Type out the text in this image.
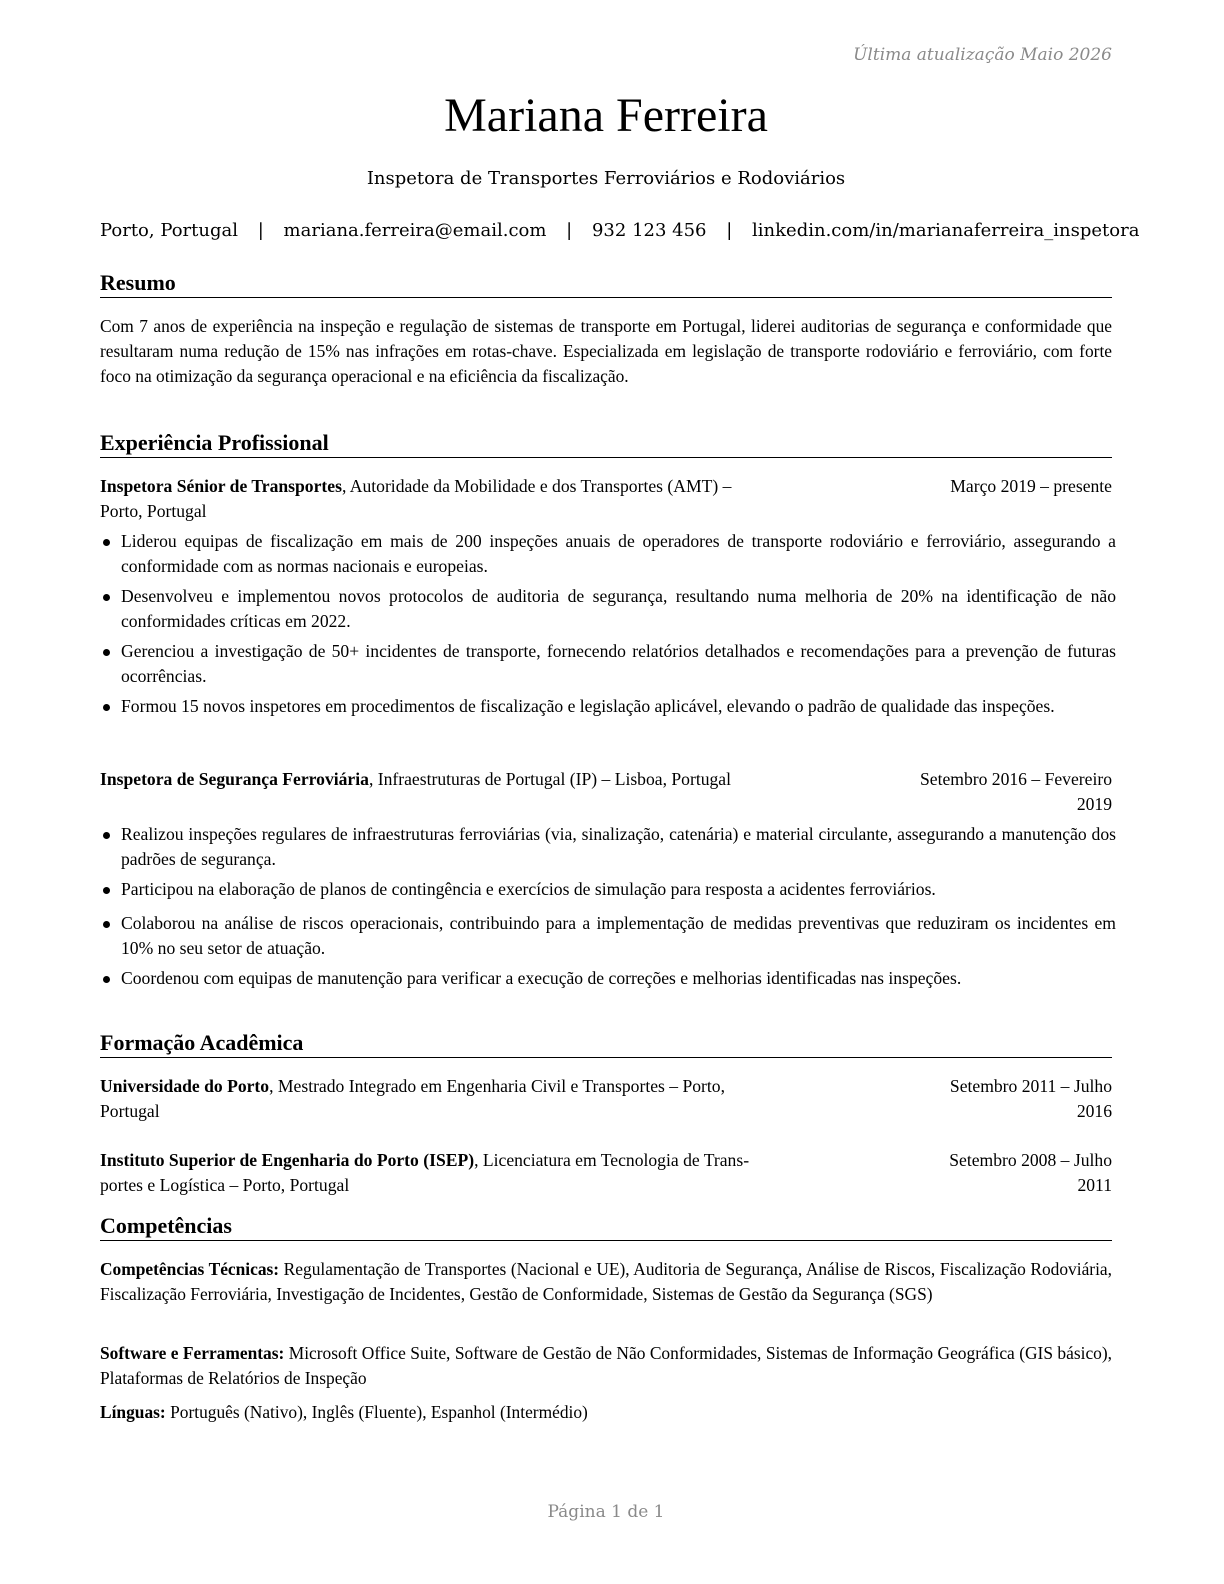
Última atualização Maio 2026
Mariana Ferreira
Inspetora de Transportes Ferroviários e Rodoviários
Porto, Portugal | mariana.ferreira@email.com | 932 123 456 | linkedin.com/in/marianaferreira_inspetora
Resumo
Com 7 anos de experiência na inspeção e regulação de sistemas de transporte em Portugal, liderei auditorias de segurança e conformidade que resultaram numa redução de 15% nas infrações em rotas-chave. Especializada em legislação de transporte rodoviário e ferroviário, com forte foco na otimização da segurança operacional e na eficiência da fiscalização.
Experiência Profissional
Inspetora Sénior de Transportes, Autoridade da Mobilidade e dos Transportes (AMT) –
Porto, Portugal
Março 2019 – presente
Liderou equipas de fiscalização em mais de 200 inspeções anuais de operadores de transporte rodoviário e ferroviário, assegurando a conformidade com as normas nacionais e europeias.
Desenvolveu e implementou novos protocolos de auditoria de segurança, resultando numa melhoria de 20% na identificação de não conformidades críticas em 2022.
Gerenciou a investigação de 50+ incidentes de transporte, fornecendo relatórios detalhados e recomendações para a prevenção de futuras ocorrências.
Formou 15 novos inspetores em procedimentos de fiscalização e legislação aplicável, elevando o padrão de qualidade das inspeções.
Inspetora de Segurança Ferroviária, Infraestruturas de Portugal (IP) – Lisboa, Portugal	Setembro 2016 – Fevereiro
2019
Realizou inspeções regulares de infraestruturas ferroviárias (via, sinalização, catenária) e material circulante, assegurando a manutenção dos padrões de segurança.
Participou na elaboração de planos de contingência e exercícios de simulação para resposta a acidentes ferroviários.
Colaborou na análise de riscos operacionais, contribuindo para a implementação de medidas preventivas que reduziram os incidentes em 10% no seu setor de atuação.
Coordenou com equipas de manutenção para verificar a execução de correções e melhorias identificadas nas inspeções.
Formação Acadêmica
Universidade do Porto, Mestrado Integrado em Engenharia Civil e Transportes – Porto,
Portugal
Setembro 2011 – Julho
2016
Instituto Superior de Engenharia do Porto (ISEP), Licenciatura em Tecnologia de Trans-
portes e Logística – Porto, Portugal
Setembro 2008 – Julho
2011
Competências
Competências Técnicas: Regulamentação de Transportes (Nacional e UE), Auditoria de Segurança, Análise de Riscos, Fiscalização Rodoviária, Fiscalização Ferroviária, Investigação de Incidentes, Gestão de Conformidade, Sistemas de Gestão da Segurança (SGS)
Software e Ferramentas: Microsoft Office Suite, Software de Gestão de Não Conformidades, Sistemas de Informação Geográfica (GIS básico), Plataformas de Relatórios de Inspeção
Línguas: Português (Nativo), Inglês (Fluente), Espanhol (Intermédio)
Página 1 de 1
